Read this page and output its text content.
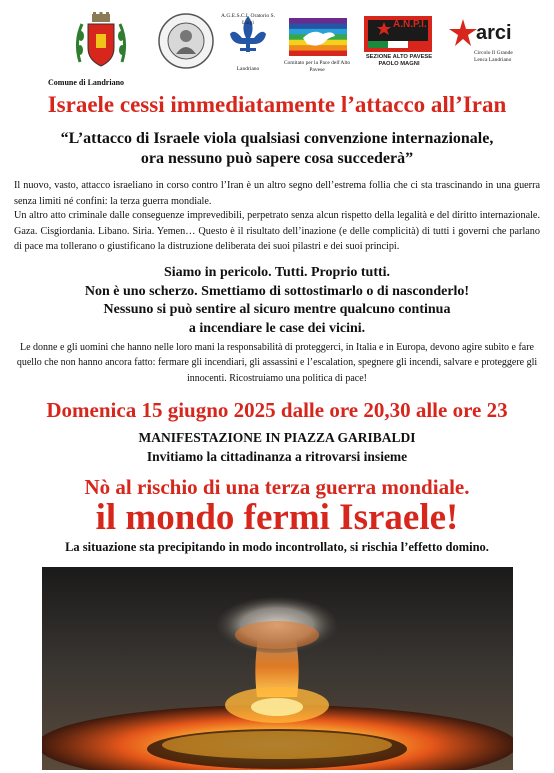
Comune di Landriano
A.G.E.S.C.I. Oratorio S. Luigi
Landriano
Comitato per la Pace dell'Alto Pavese
A.N.P.I.
SEZIONE ALTO PAVESE
PAOLO MAGNI
arci
Circolo Il Grande Lenca Landriano
Israele cessi immediatamente l’attacco all’Iran
“L’attacco di Israele viola qualsiasi convenzione internazionale,
ora nessuno può sapere cosa succederà”
Il nuovo, vasto, attacco israeliano in corso contro l’Iran è un altro segno dell’estrema follia che ci sta trascinando in una guerra senza limiti né confini: la terza guerra mondiale.
Un altro atto criminale dalle conseguenze imprevedibili, perpetrato senza alcun rispetto della legalità e del diritto internazionale. Gaza. Cisgiordania. Libano. Siria. Yemen… Questo è il risultato dell’inazione (e delle complicità) di tutti i governi che parlano di pace ma tollerano o giustificano la distruzione deliberata dei suoi pilastri e dei suoi principi.
Siamo in pericolo. Tutti. Proprio tutti.
Non è uno scherzo. Smettiamo di sottostimarlo o di nasconderlo!
Nessuno si può sentire al sicuro mentre qualcuno continua
a incendiare le case dei vicini.
Le donne e gli uomini che hanno nelle loro mani la responsabilità di proteggerci, in Italia e in Europa, devono agire subito e fare quello che non hanno ancora fatto: fermare gli incendiari, gli assassini e l’escalation, spegnere gli incendi, salvare e proteggere gli innocenti. Ricostruiamo una politica di pace!
Domenica 15 giugno 2025 dalle ore 20,30 alle ore 23
MANIFESTAZIONE IN PIAZZA GARIBALDI
Invitiamo la cittadinanza a ritrovarsi insieme
Nò al rischio di una terza guerra mondiale.
il mondo fermi Israele!
La situazione sta precipitando in modo incontrollato, si rischia l’effetto domino.
